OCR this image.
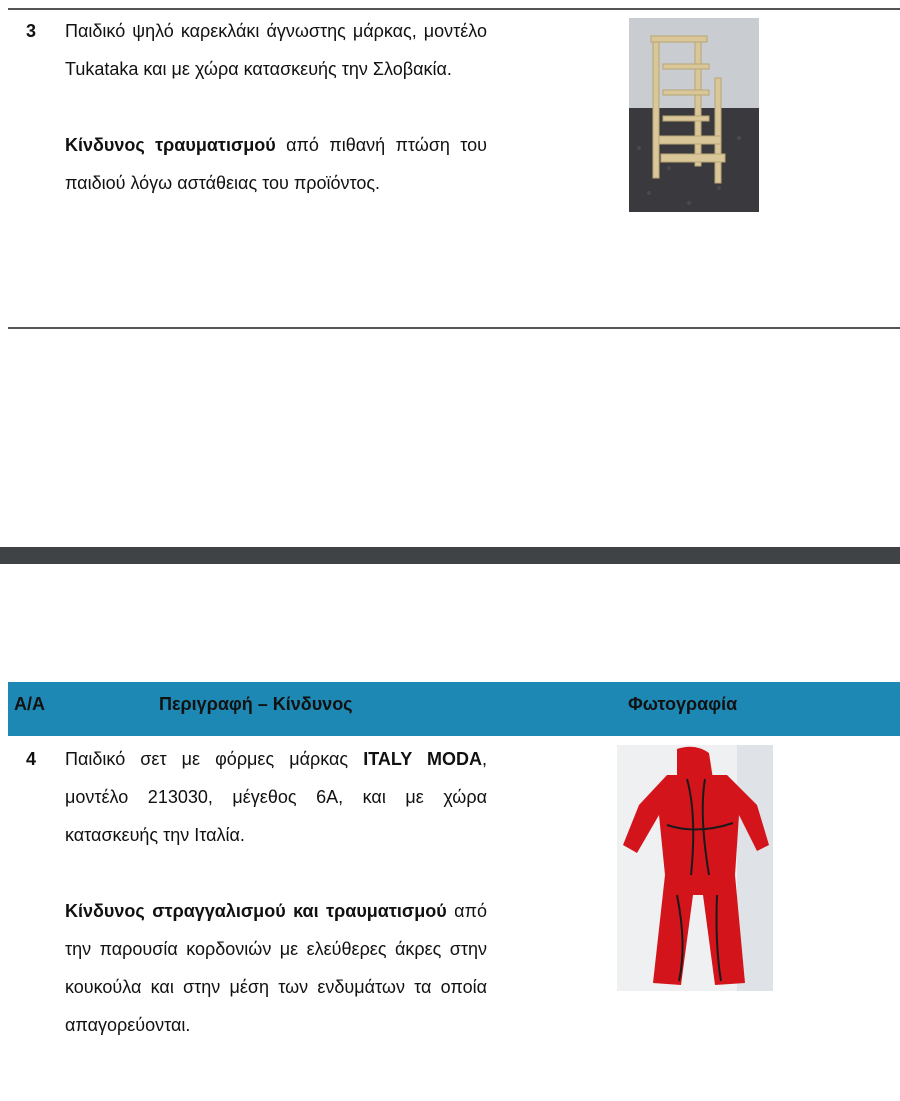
3 Παιδικό ψηλό καρεκλάκι άγνωστης μάρκας, μοντέλο Tukataka και με χώρα κατασκευής την Σλοβακία.

Κίνδυνος τραυματισμού από πιθανή πτώση του παιδιού λόγω αστάθειας του προϊόντος.

Α/Α	Περιγραφή – Κίνδυνος	Φωτογραφία
4 Παιδικό σετ με φόρμες μάρκας ITALY MODA, μοντέλο 213030, μέγεθος 6Α, και με χώρα κατασκευής την Ιταλία.

Κίνδυνος στραγγαλισμού και τραυματισμού από την παρουσία κορδονιών με ελεύθερες άκρες στην κουκούλα και στην μέση των ενδυμάτων τα οποία απαγορεύονται.
